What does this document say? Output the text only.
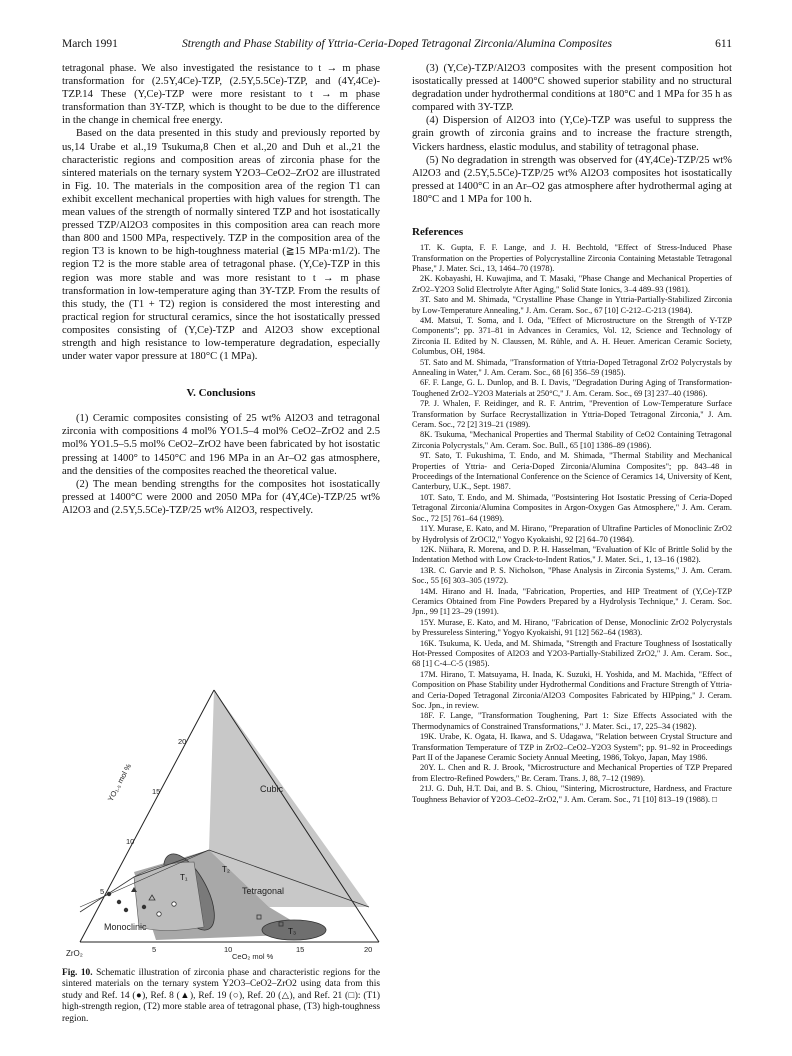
March 1991	Strength and Phase Stability of Yttria-Ceria-Doped Tetragonal Zirconia/Alumina Composites	611

tetragonal phase. We also investigated the resistance to t → m phase transformation for (2.5Y,4Ce)-TZP, (2.5Y,5.5Ce)-TZP, and (4Y,4Ce)-TZP.14 These (Y,Ce)-TZP were more resistant to t → m phase transformation than 3Y-TZP, which is thought to be due to the difference in the change in chemical free energy.

Based on the data presented in this study and previously reported by us,14 Urabe et al.,19 Tsukuma,8 Chen et al.,20 and Duh et al.,21 the characteristic regions and composition areas of zirconia phase for the sintered materials on the ternary system Y2O3–CeO2–ZrO2 are illustrated in Fig. 10. The materials in the composition area of the region T1 can exhibit excellent mechanical properties with high values for strength. The mean values of the strength of normally sintered TZP and hot isostatically pressed TZP/Al2O3 composites in this composition area can reach more than 800 and 1500 MPa, respectively. TZP in the composition area of the region T3 is known to be high-toughness material (≧15 MPa·m1/2). The region T2 is the more stable area of tetragonal phase. (Y,Ce)-TZP in this region was more stable and was more resistant to t → m phase transformation in low-temperature aging than 3Y-TZP. From the results of this study, the (T1 + T2) region is considered the most interesting and practical region for structural ceramics, since the hot isostatically pressed composites consisting of (Y,Ce)-TZP and Al2O3 show exceptional strength and high resistance to low-temperature degradation, especially under water vapor pressure at 180°C (1 MPa).

V. Conclusions

(1) Ceramic composites consisting of 25 wt% Al2O3 and tetragonal zirconia with compositions 4 mol% YO1.5–4 mol% CeO2–ZrO2 and 2.5 mol% YO1.5–5.5 mol% CeO2–ZrO2 have been fabricated by hot isostatic pressing at 1400° to 1450°C and 196 MPa in an Ar–O2 gas atmosphere, and the densities of the composites reached the theoretical value.

(2) The mean bending strengths for the composites hot isostatically pressed at 1400°C were 2000 and 2050 MPa for (4Y,4Ce)-TZP/25 wt% Al2O3 and (2.5Y,5.5Ce)-TZP/25 wt% Al2O3, respectively.

Cubic
Tetragonal
Monoclinic
T₁
T₂
T₃
ZrO₂	CeO₂ mol %
YO₁.₅ mol %
5	10	15	20
5
10
15
20
Fig. 10. Schematic illustration of zirconia phase and characteristic regions for the sintered materials on the ternary system Y2O3–CeO2–ZrO2 using data from this study and Ref. 14 (●), Ref. 8 (▲), Ref. 19 (○), Ref. 20 (△), and Ref. 21 (□): (T1) high-strength region, (T2) more stable area of tetragonal phase, (T3) high-toughness region.

(3) (Y,Ce)-TZP/Al2O3 composites with the present composition hot isostatically pressed at 1400°C showed superior stability and no structural degradation under hydrothermal conditions at 180°C and 1 MPa for 35 h as compared with 3Y-TZP.

(4) Dispersion of Al2O3 into (Y,Ce)-TZP was useful to suppress the grain growth of zirconia grains and to increase the fracture strength, Vickers hardness, elastic modulus, and stability of tetragonal phase.

(5) No degradation in strength was observed for (4Y,4Ce)-TZP/25 wt% Al2O3 and (2.5Y,5.5Ce)-TZP/25 wt% Al2O3 composites hot isostatically pressed at 1400°C in an Ar–O2 gas atmosphere after hydrothermal aging at 180°C and 1 MPa for 100 h.

References

1T. K. Gupta, F. F. Lange, and J. H. Bechtold, "Effect of Stress-Induced Phase Transformation on the Properties of Polycrystalline Zirconia Containing Metastable Tetragonal Phase," J. Mater. Sci., 13, 1464–70 (1978).

2K. Kobayashi, H. Kuwajima, and T. Masaki, "Phase Change and Mechanical Properties of ZrO2–Y2O3 Solid Electrolyte After Aging," Solid State Ionics, 3–4 489–93 (1981).

3T. Sato and M. Shimada, "Crystalline Phase Change in Yttria-Partially-Stabilized Zirconia by Low-Temperature Annealing," J. Am. Ceram. Soc., 67 [10] C-212–C-213 (1984).

4M. Matsui, T. Soma, and I. Oda, "Effect of Microstructure on the Strength of Y-TZP Components"; pp. 371–81 in Advances in Ceramics, Vol. 12, Science and Technology of Zirconia II. Edited by N. Claussen, M. Rühle, and A. H. Heuer. American Ceramic Society, Columbus, OH, 1984.

5T. Sato and M. Shimada, "Transformation of Yttria-Doped Tetragonal ZrO2 Polycrystals by Annealing in Water," J. Am. Ceram. Soc., 68 [6] 356–59 (1985).

6F. F. Lange, G. L. Dunlop, and B. I. Davis, "Degradation During Aging of Transformation-Toughened ZrO2–Y2O3 Materials at 250°C," J. Am. Ceram. Soc., 69 [3] 237–40 (1986).

7P. J. Whalen, F. Reidinger, and R. F. Antrim, "Prevention of Low-Temperature Surface Transformation by Surface Recrystallization in Yttria-Doped Tetragonal Zirconia," J. Am. Ceram. Soc., 72 [2] 319–21 (1989).

8K. Tsukuma, "Mechanical Properties and Thermal Stability of CeO2 Containing Tetragonal Zirconia Polycrystals," Am. Ceram. Soc. Bull., 65 [10] 1386–89 (1986).

9T. Sato, T. Fukushima, T. Endo, and M. Shimada, "Thermal Stability and Mechanical Properties of Yttria- and Ceria-Doped Zirconia/Alumina Composites"; pp. 843–48 in Proceedings of the International Conference on the Science of Ceramics 14, University of Kent, Canterbury, U.K., Sept. 1987.

10T. Sato, T. Endo, and M. Shimada, "Postsintering Hot Isostatic Pressing of Ceria-Doped Tetragonal Zirconia/Alumina Composites in Argon-Oxygen Gas Atmosphere," J. Am. Ceram. Soc., 72 [5] 761–64 (1989).

11Y. Murase, E. Kato, and M. Hirano, "Preparation of Ultrafine Particles of Monoclinic ZrO2 by Hydrolysis of ZrOCl2," Yogyo Kyokaishi, 92 [2] 64–70 (1984).

12K. Niihara, R. Morena, and D. P. H. Hasselman, "Evaluation of KIc of Brittle Solid by the Indentation Method with Low Crack-to-Indent Ratios," J. Mater. Sci., 1, 13–16 (1982).

13R. C. Garvie and P. S. Nicholson, "Phase Analysis in Zirconia Systems," J. Am. Ceram. Soc., 55 [6] 303–305 (1972).

14M. Hirano and H. Inada, "Fabrication, Properties, and HIP Treatment of (Y,Ce)-TZP Ceramics Obtained from Fine Powders Prepared by a Hydrolysis Technique," J. Ceram. Soc. Jpn., 99 [1] 23–29 (1991).

15Y. Murase, E. Kato, and M. Hirano, "Fabrication of Dense, Monoclinic ZrO2 Polycrystals by Pressureless Sintering," Yogyo Kyokaishi, 91 [12] 562–64 (1983).

16K. Tsukuma, K. Ueda, and M. Shimada, "Strength and Fracture Toughness of Isostatically Hot-Pressed Composites of Al2O3 and Y2O3-Partially-Stabilized ZrO2," J. Am. Ceram. Soc., 68 [1] C-4–C-5 (1985).

17M. Hirano, T. Matsuyama, H. Inada, K. Suzuki, H. Yoshida, and M. Machida, "Effect of Composition on Phase Stability under Hydrothermal Conditions and Fracture Strength of Yttria- and Ceria-Doped Tetragonal Zirconia/Al2O3 Composites Fabricated by HIPping," J. Ceram. Soc. Jpn., in review.

18F. F. Lange, "Transformation Toughening, Part 1: Size Effects Associated with the Thermodynamics of Constrained Transformations," J. Mater. Sci., 17, 225–34 (1982).

19K. Urabe, K. Ogata, H. Ikawa, and S. Udagawa, "Relation between Crystal Structure and Transformation Temperature of TZP in ZrO2–CeO2–Y2O3 System"; pp. 91–92 in Proceedings Part II of the Japanese Ceramic Society Annual Meeting, 1986, Tokyo, Japan, May 1986.

20Y. L. Chen and R. J. Brook, "Microstructure and Mechanical Properties of TZP Prepared from Electro-Refined Powders," Br. Ceram. Trans. J, 88, 7–12 (1989).

21J. G. Duh, H.T. Dai, and B. S. Chiou, "Sintering, Microstructure, Hardness, and Fracture Toughness Behavior of Y2O3–CeO2–ZrO2," J. Am. Ceram. Soc., 71 [10] 813–19 (1988). □
